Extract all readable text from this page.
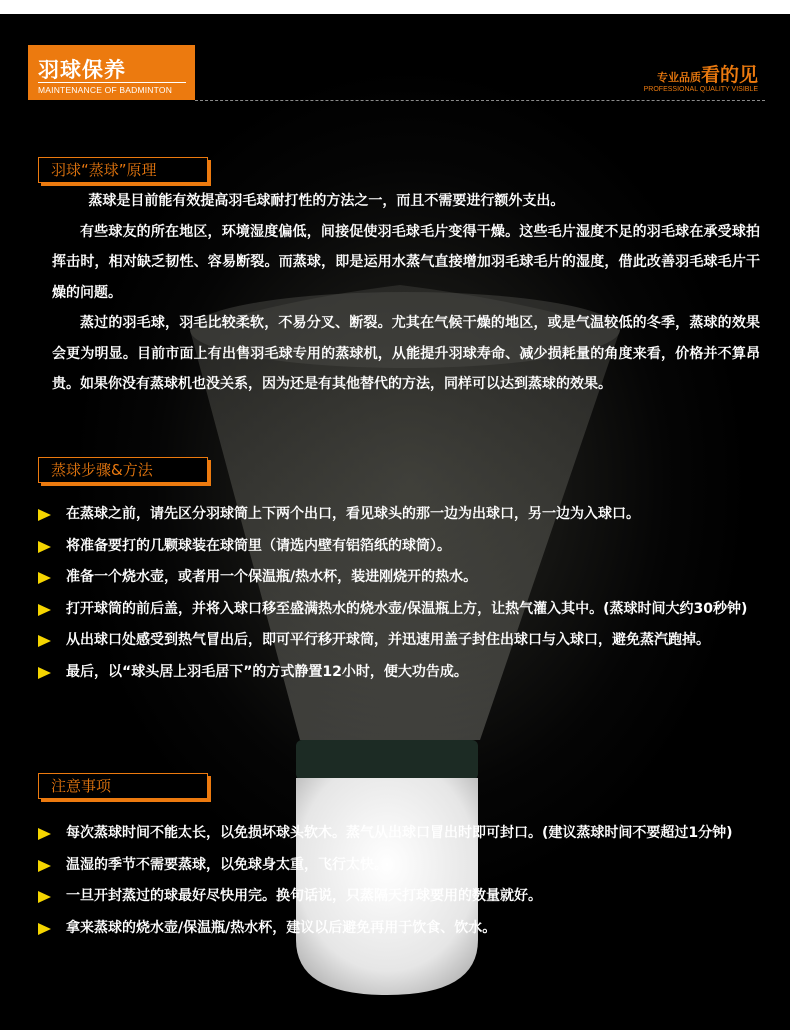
羽球保养
MAINTENANCE OF BADMINTON
专业品质看的见
PROFESSIONAL QUALITY VISIBLE
羽球“蒸球”原理

蒸球是目前能有效提高羽毛球耐打性的方法之一，而且不需要进行额外支出。

有些球友的所在地区，环境湿度偏低，间接促使羽毛球毛片变得干燥。这些毛片湿度不足的羽毛球在承受球拍挥击时，相对缺乏韧性、容易断裂。而蒸球，即是运用水蒸气直接增加羽毛球毛片的湿度，借此改善羽毛球毛片干燥的问题。

蒸过的羽毛球，羽毛比较柔软，不易分叉、断裂。尤其在气候干燥的地区，或是气温较低的冬季，蒸球的效果会更为明显。目前市面上有出售羽毛球专用的蒸球机，从能提升羽球寿命、减少损耗量的角度来看，价格并不算昂贵。如果你没有蒸球机也没关系，因为还是有其他替代的方法，同样可以达到蒸球的效果。

蒸球步骤&方法
在蒸球之前，请先区分羽球筒上下两个出口，看见球头的那一边为出球口，另一边为入球口。
将准备要打的几颗球装在球筒里（请选内壁有铝箔纸的球筒）。
准备一个烧水壶，或者用一个保温瓶/热水杯，装进刚烧开的热水。
打开球筒的前后盖，并将入球口移至盛满热水的烧水壶/保温瓶上方，让热气灌入其中。(蒸球时间大约30秒钟)
从出球口处感受到热气冒出后，即可平行移开球筒，并迅速用盖子封住出球口与入球口，避免蒸汽跑掉。
最后，以“球头居上羽毛居下”的方式静置12小时，便大功告成。
注意事项
每次蒸球时间不能太长，以免损坏球头软木。蒸气从出球口冒出时即可封口。(建议蒸球时间不要超过1分钟)
温湿的季节不需要蒸球，以免球身太重，飞行太快。
一旦开封蒸过的球最好尽快用完。换句话说，只蒸隔天打球要用的数量就好。
拿来蒸球的烧水壶/保温瓶/热水杯，建议以后避免再用于饮食、饮水。
